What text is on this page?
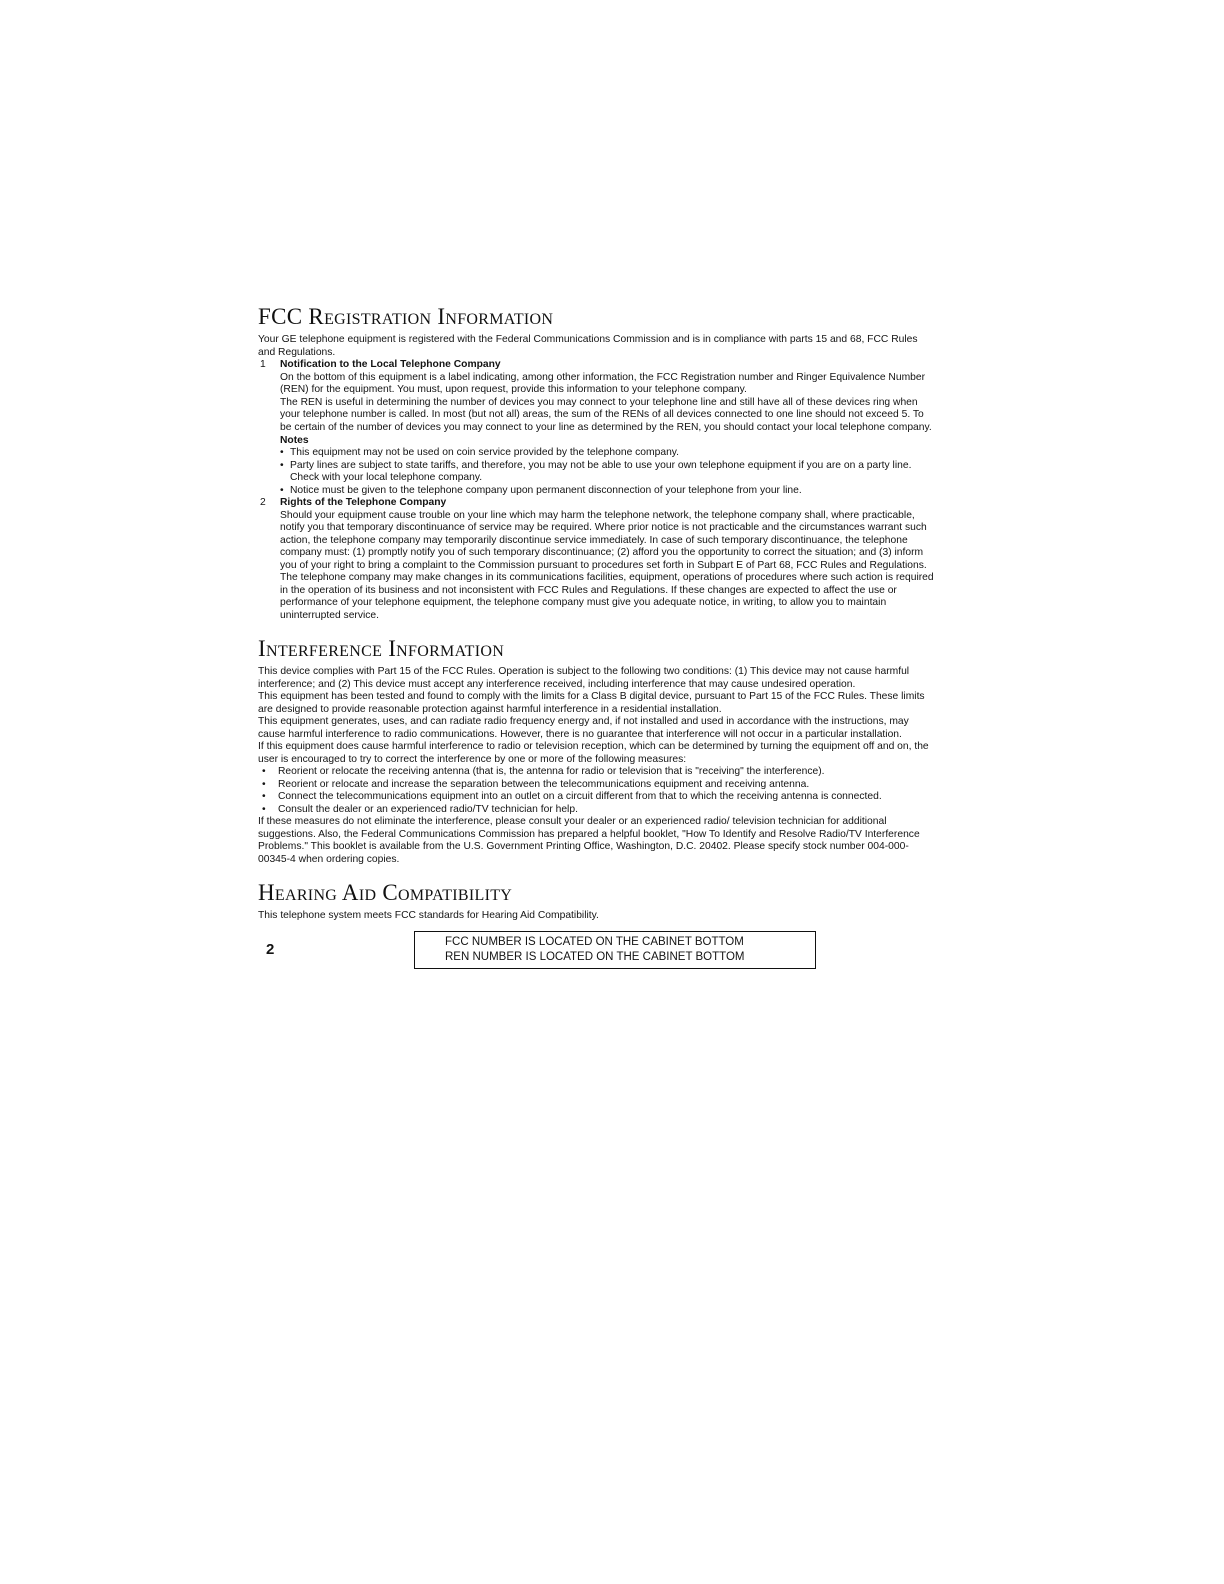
FCC Registration Information

Your GE telephone equipment is registered with the Federal Communications Commission and is in compliance with parts 15 and 68, FCC Rules and Regulations.

1	Notification to the Local Telephone Company

On the bottom of this equipment is a label indicating, among other information, the FCC Registration number and Ringer Equivalence Number (REN) for the equipment. You must, upon request, provide this information to your telephone company.

The REN is useful in determining the number of devices you may connect to your telephone line and still have all of these devices ring when your telephone number is called. In most (but not all) areas, the sum of the RENs of all devices connected to one line should not exceed 5. To be certain of the number of devices you may connect to your line as determined by the REN, you should contact your local telephone company.

Notes
• This equipment may not be used on coin service provided by the telephone company.
• Party lines are subject to state tariffs, and therefore, you may not be able to use your own telephone equipment if you are on a party line. Check with your local telephone company.
• Notice must be given to the telephone company upon permanent disconnection of your telephone from your line.
2	Rights of the Telephone Company

Should your equipment cause trouble on your line which may harm the telephone network, the telephone company shall, where practicable, notify you that temporary discontinuance of service may be required. Where prior notice is not practicable and the circumstances warrant such action, the telephone company may temporarily discontinue service immediately. In case of such temporary discontinuance, the telephone company must: (1) promptly notify you of such temporary discontinuance; (2) afford you the opportunity to correct the situation; and (3) inform you of your right to bring a complaint to the Commission pursuant to procedures set forth in Subpart E of Part 68, FCC Rules and Regulations.

The telephone company may make changes in its communications facilities, equipment, operations of procedures where such action is required in the operation of its business and not inconsistent with FCC Rules and Regulations. If these changes are expected to affect the use or performance of your telephone equipment, the telephone company must give you adequate notice, in writing, to allow you to maintain uninterrupted service.

Interference Information

This device complies with Part 15 of the FCC Rules. Operation is subject to the following two conditions: (1) This device may not cause harmful interference; and (2) This device must accept any interference received, including interference that may cause undesired operation.

This equipment has been tested and found to comply with the limits for a Class B digital device, pursuant to Part 15 of the FCC Rules. These limits are designed to provide reasonable protection against harmful interference in a residential installation.

This equipment generates, uses, and can radiate radio frequency energy and, if not installed and used in accordance with the instructions, may cause harmful interference to radio communications. However, there is no guarantee that interference will not occur in a particular installation.

If this equipment does cause harmful interference to radio or television reception, which can be determined by turning the equipment off and on, the user is encouraged to try to correct the interference by one or more of the following measures:

• Reorient or relocate the receiving antenna (that is, the antenna for radio or television that is "receiving" the interference).
• Reorient or relocate and increase the separation between the telecommunications equipment and receiving antenna.
• Connect the telecommunications equipment into an outlet on a circuit different from that to which the receiving antenna is connected.
• Consult the dealer or an experienced radio/TV technician for help.

If these measures do not eliminate the interference, please consult your dealer or an experienced radio/ television technician for additional suggestions. Also, the Federal Communications Commission has prepared a helpful booklet, "How To Identify and Resolve Radio/TV Interference Problems." This booklet is available from the U.S. Government Printing Office, Washington, D.C. 20402. Please specify stock number 004-000-00345-4 when ordering copies.

Hearing Aid Compatibility

This telephone system meets FCC standards for Hearing Aid Compatibility.

2	FCC NUMBER IS LOCATED ON THE CABINET BOTTOM
REN NUMBER IS LOCATED ON THE CABINET BOTTOM
